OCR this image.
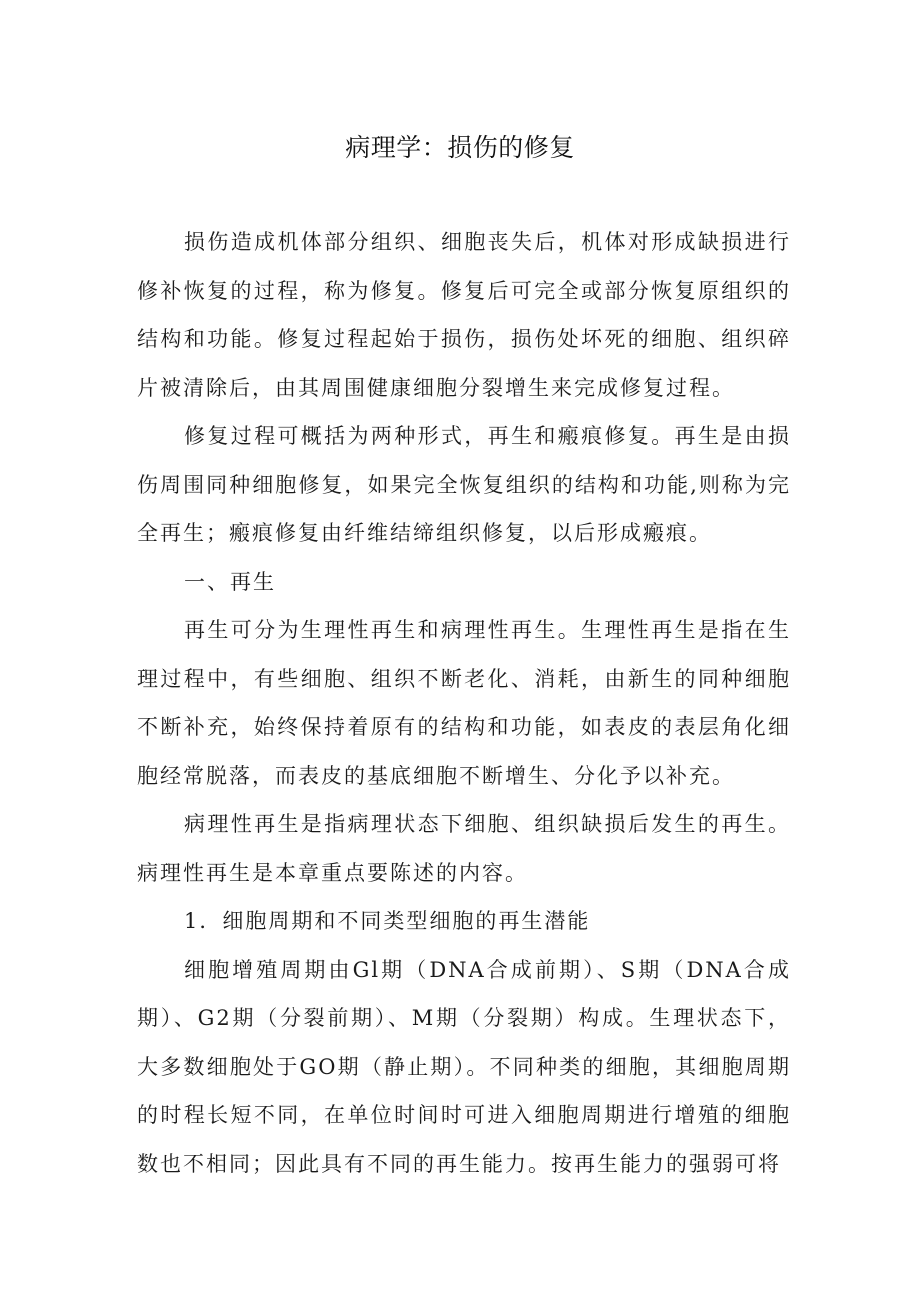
病理学：损伤的修复

损伤造成机体部分组织、细胞丧失后，机体对形成缺损进行修补恢复的过程，称为修复。修复后可完全或部分恢复原组织的结构和功能。修复过程起始于损伤，损伤处坏死的细胞、组织碎片被清除后，由其周围健康细胞分裂增生来完成修复过程。

修复过程可概括为两种形式，再生和瘢痕修复。再生是由损伤周围同种细胞修复，如果完全恢复组织的结构和功能,则称为完全再生；瘢痕修复由纤维结缔组织修复，以后形成瘢痕。

一、再生

再生可分为生理性再生和病理性再生。生理性再生是指在生理过程中，有些细胞、组织不断老化、消耗，由新生的同种细胞不断补充，始终保持着原有的结构和功能，如表皮的表层角化细胞经常脱落，而表皮的基底细胞不断增生、分化予以补充。

病理性再生是指病理状态下细胞、组织缺损后发生的再生。病理性再生是本章重点要陈述的内容。

1．细胞周期和不同类型细胞的再生潜能

细胞增殖周期由Gl期（DNA合成前期）、S期（DNA合成期）、G2期（分裂前期）、M期（分裂期）构成。生理状态下，大多数细胞处于GO期（静止期）。不同种类的细胞，其细胞周期的时程长短不同，在单位时间时可进入细胞周期进行增殖的细胞数也不相同；因此具有不同的再生能力。按再生能力的强弱可将
